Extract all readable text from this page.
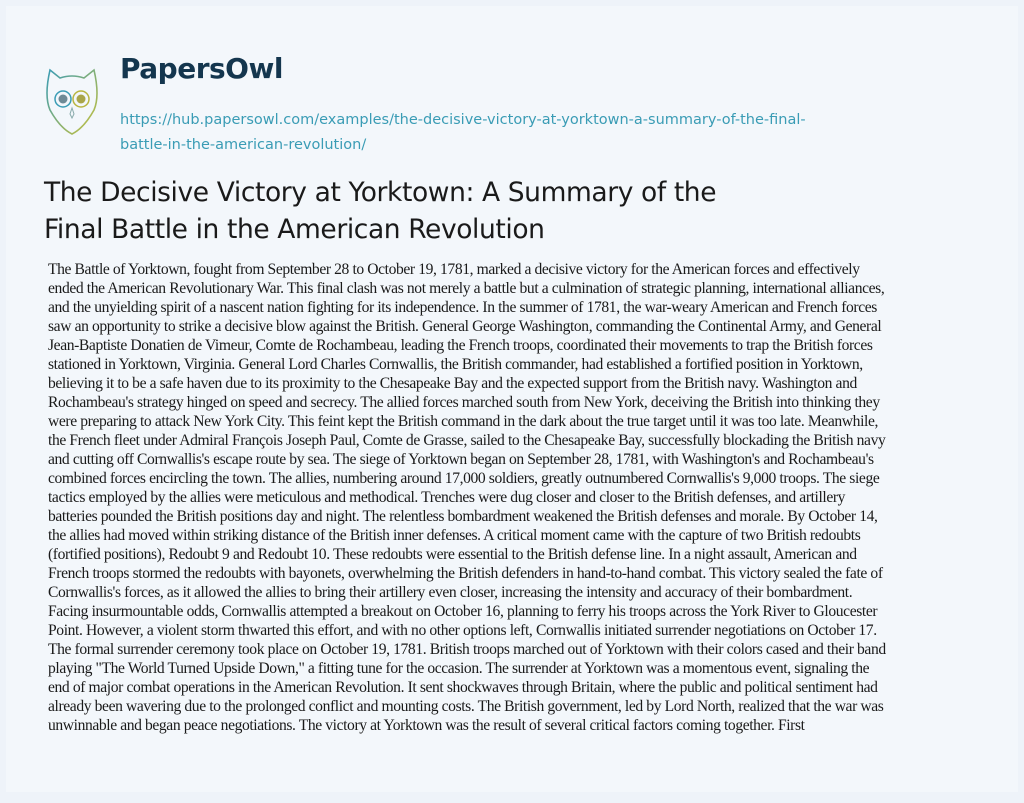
PapersOwl
https://hub.papersowl.com/examples/the-decisive-victory-at-yorktown-a-summary-of-the-final-
battle-in-the-american-revolution/
The Decisive Victory at Yorktown: A Summary of the
Final Battle in the American Revolution
The Battle of Yorktown, fought from September 28 to October 19, 1781, marked a decisive victory for the American forces and effectively
ended the American Revolutionary War. This final clash was not merely a battle but a culmination of strategic planning, international alliances,
and the unyielding spirit of a nascent nation fighting for its independence. In the summer of 1781, the war-weary American and French forces
saw an opportunity to strike a decisive blow against the British. General George Washington, commanding the Continental Army, and General
Jean-Baptiste Donatien de Vimeur, Comte de Rochambeau, leading the French troops, coordinated their movements to trap the British forces
stationed in Yorktown, Virginia. General Lord Charles Cornwallis, the British commander, had established a fortified position in Yorktown,
believing it to be a safe haven due to its proximity to the Chesapeake Bay and the expected support from the British navy. Washington and
Rochambeau's strategy hinged on speed and secrecy. The allied forces marched south from New York, deceiving the British into thinking they
were preparing to attack New York City. This feint kept the British command in the dark about the true target until it was too late. Meanwhile,
the French fleet under Admiral François Joseph Paul, Comte de Grasse, sailed to the Chesapeake Bay, successfully blockading the British navy
and cutting off Cornwallis's escape route by sea. The siege of Yorktown began on September 28, 1781, with Washington's and Rochambeau's
combined forces encircling the town. The allies, numbering around 17,000 soldiers, greatly outnumbered Cornwallis's 9,000 troops. The siege
tactics employed by the allies were meticulous and methodical. Trenches were dug closer and closer to the British defenses, and artillery
batteries pounded the British positions day and night. The relentless bombardment weakened the British defenses and morale. By October 14,
the allies had moved within striking distance of the British inner defenses. A critical moment came with the capture of two British redoubts
(fortified positions), Redoubt 9 and Redoubt 10. These redoubts were essential to the British defense line. In a night assault, American and
French troops stormed the redoubts with bayonets, overwhelming the British defenders in hand-to-hand combat. This victory sealed the fate of
Cornwallis's forces, as it allowed the allies to bring their artillery even closer, increasing the intensity and accuracy of their bombardment.
Facing insurmountable odds, Cornwallis attempted a breakout on October 16, planning to ferry his troops across the York River to Gloucester
Point. However, a violent storm thwarted this effort, and with no other options left, Cornwallis initiated surrender negotiations on October 17.
The formal surrender ceremony took place on October 19, 1781. British troops marched out of Yorktown with their colors cased and their band
playing "The World Turned Upside Down," a fitting tune for the occasion. The surrender at Yorktown was a momentous event, signaling the
end of major combat operations in the American Revolution. It sent shockwaves through Britain, where the public and political sentiment had
already been wavering due to the prolonged conflict and mounting costs. The British government, led by Lord North, realized that the war was
unwinnable and began peace negotiations. The victory at Yorktown was the result of several critical factors coming together. First
